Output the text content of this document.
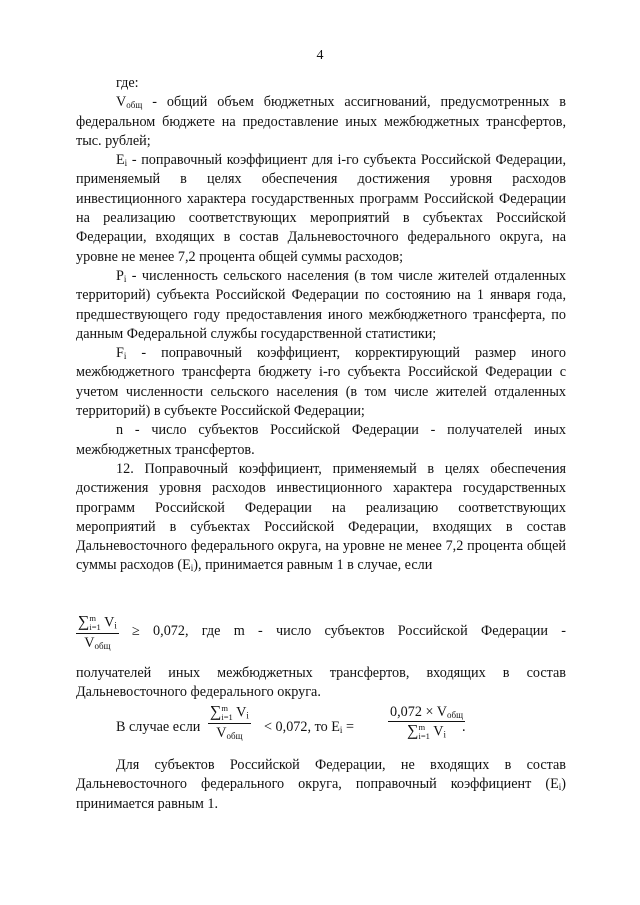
4
где:
$V_{общ}$ - общий объем бюджетных ассигнований, предусмотренных в федеральном бюджете на предоставление иных межбюджетных трансфертов, тыс. рублей;
$E_i$ - поправочный коэффициент для i-го субъекта Российской Федерации, применяемый в целях обеспечения достижения уровня расходов инвестиционного характера государственных программ Российской Федерации на реализацию соответствующих мероприятий в субъектах Российской Федерации, входящих в состав Дальневосточного федерального округа, на уровне не менее 7,2 процента общей суммы расходов;
$P_i$ - численность сельского населения (в том числе жителей отдаленных территорий) субъекта Российской Федерации по состоянию на 1 января года, предшествующего году предоставления иного межбюджетного трансферта, по данным Федеральной службы государственной статистики;
$F_i$ - поправочный коэффициент, корректирующий размер иного межбюджетного трансферта бюджету i-го субъекта Российской Федерации с учетом численности сельского населения (в том числе жителей отдаленных территорий) в субъекте Российской Федерации;
n - число субъектов Российской Федерации - получателей иных межбюджетных трансфертов.
12. Поправочный коэффициент, применяемый в целях обеспечения достижения уровня расходов инвестиционного характера государственных программ Российской Федерации на реализацию соответствующих мероприятий в субъектах Российской Федерации, входящих в состав Дальневосточного федерального округа, на уровне не менее 7,2 процента общей суммы расходов $(E_i)$, принимается равным 1 в случае, если
∑ m
i=1 $V_i$
$V_{общ}$
≥ 0,072, где m - число субъектов Российской Федерации -
получателей иных межбюджетных трансфертов, входящих в состав Дальневосточного федерального округа.
В случае если
∑ m
i=1 $V_i$
$V_{общ}$
< 0,072, то $E_i$ =
$0,072 \times V_{общ}$
∑ m
i=1 $V_i$	.
Для субъектов Российской Федерации, не входящих в состав Дальневосточного федерального округа, поправочный коэффициент $(E_i)$ принимается равным 1.
